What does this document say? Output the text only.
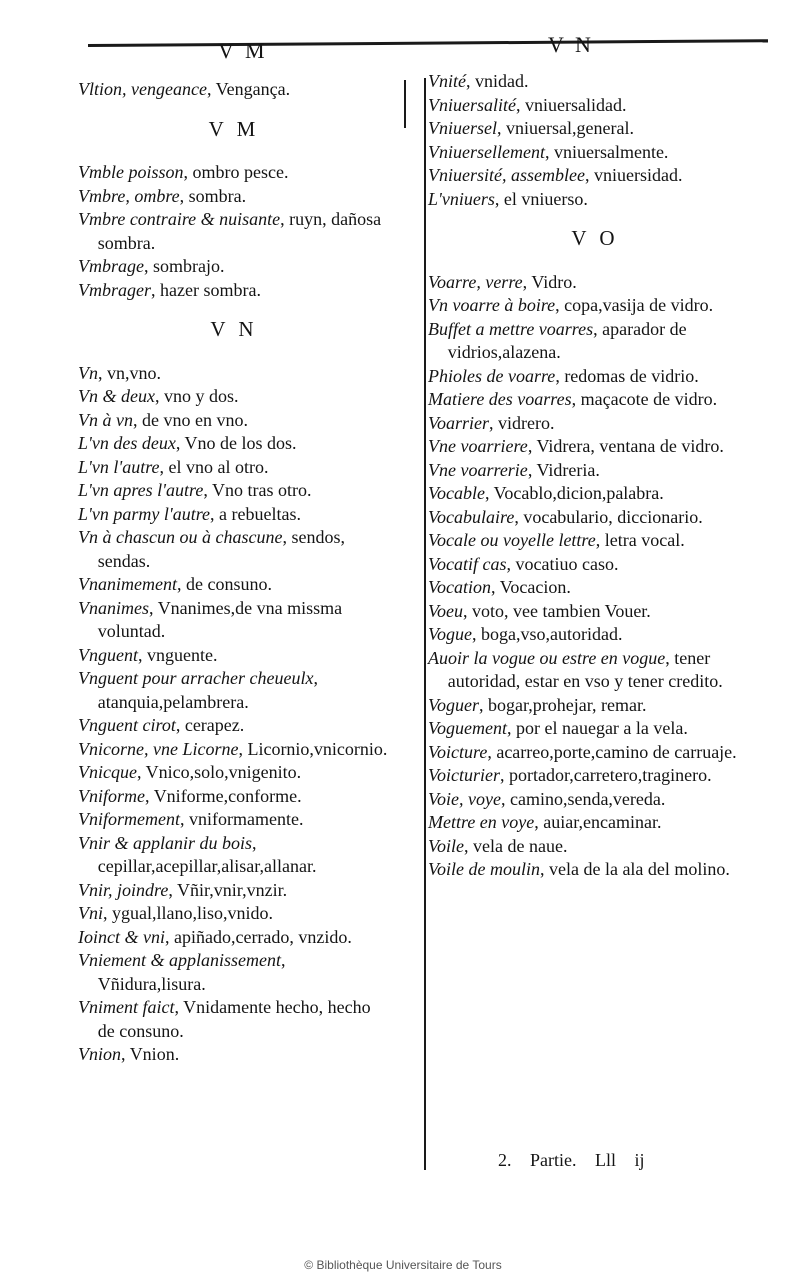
V M	V N
Vltion, vengeance, Vengança.
V M
Vmble poisson, ombro pesce.
Vmbre, ombre, sombra.
Vmbre contraire & nuisante, ruyn, dañosa sombra.
Vmbrage, sombrajo.
Vmbrager, hazer sombra.
V N
Vn, vn,vno.
Vn & deux, vno y dos.
Vn à vn, de vno en vno.
L'vn des deux, Vno de los dos.
L'vn l'autre, el vno al otro.
L'vn apres l'autre, Vno tras otro.
L'vn parmy l'autre, a rebueltas.
Vn à chascun ou à chascune, sendos, sendas.
Vnanimement, de consuno.
Vnanimes, Vnanimes,de vna missma voluntad.
Vnguent, vnguente.
Vnguent pour arracher cheueulx, atanquia,pelambrera.
Vnguent cirot, cerapez.
Vnicorne, vne Licorne, Licornio,vnicornio.
Vnicque, Vnico,solo,vnigenito.
Vniforme, Vniforme,conforme.
Vniformement, vniformamente.
Vnir & applanir du bois, cepillar,acepillar,alisar,allanar.
Vnir, joindre, Vñir,vnir,vnzir.
Vni, ygual,llano,liso,vnido.
Ioinct & vni, apiñado,cerrado, vnzido.
Vniement & applanissement, Vñidura,lisura.
Vniment faict, Vnidamente hecho, hecho de consuno.
Vnion, Vnion.
Vnité, vnidad.
Vniuersalité, vniuersalidad.
Vniuersel, vniuersal,general.
Vniuersellement, vniuersalmente.
Vniuersité, assemblee, vniuersidad.
L'vniuers, el vniuerso.
V O
Voarre, verre, Vidro.
Vn voarre à boire, copa,vasija de vidro.
Buffet a mettre voarres, aparador de vidrios,alazena.
Phioles de voarre, redomas de vidrio.
Matiere des voarres, maçacote de vidro.
Voarrier, vidrero.
Vne voarriere, Vidrera, ventana de vidro.
Vne voarrerie, Vidreria.
Vocable, Vocablo,dicion,palabra.
Vocabulaire, vocabulario, diccionario.
Vocale ou voyelle lettre, letra vocal.
Vocatif cas, vocatiuo caso.
Vocation, Vocacion.
Voeu, voto, vee tambien Vouer.
Vogue, boga,vso,autoridad.
Auoir la vogue ou estre en vogue, tener autoridad, estar en vso y tener credito.
Voguer, bogar,prohejar, remar.
Voguement, por el nauegar a la vela.
Voicture, acarreo,porte,camino de carruaje.
Voicturier, portador,carretero,traginero.
Voie, voye, camino,senda,vereda.
Mettre en voye, auiar,encaminar.
Voile, vela de naue.
Voile de moulin, vela de la ala del molino.
2. Partie. Lll ij
© Bibliothèque Universitaire de Tours
